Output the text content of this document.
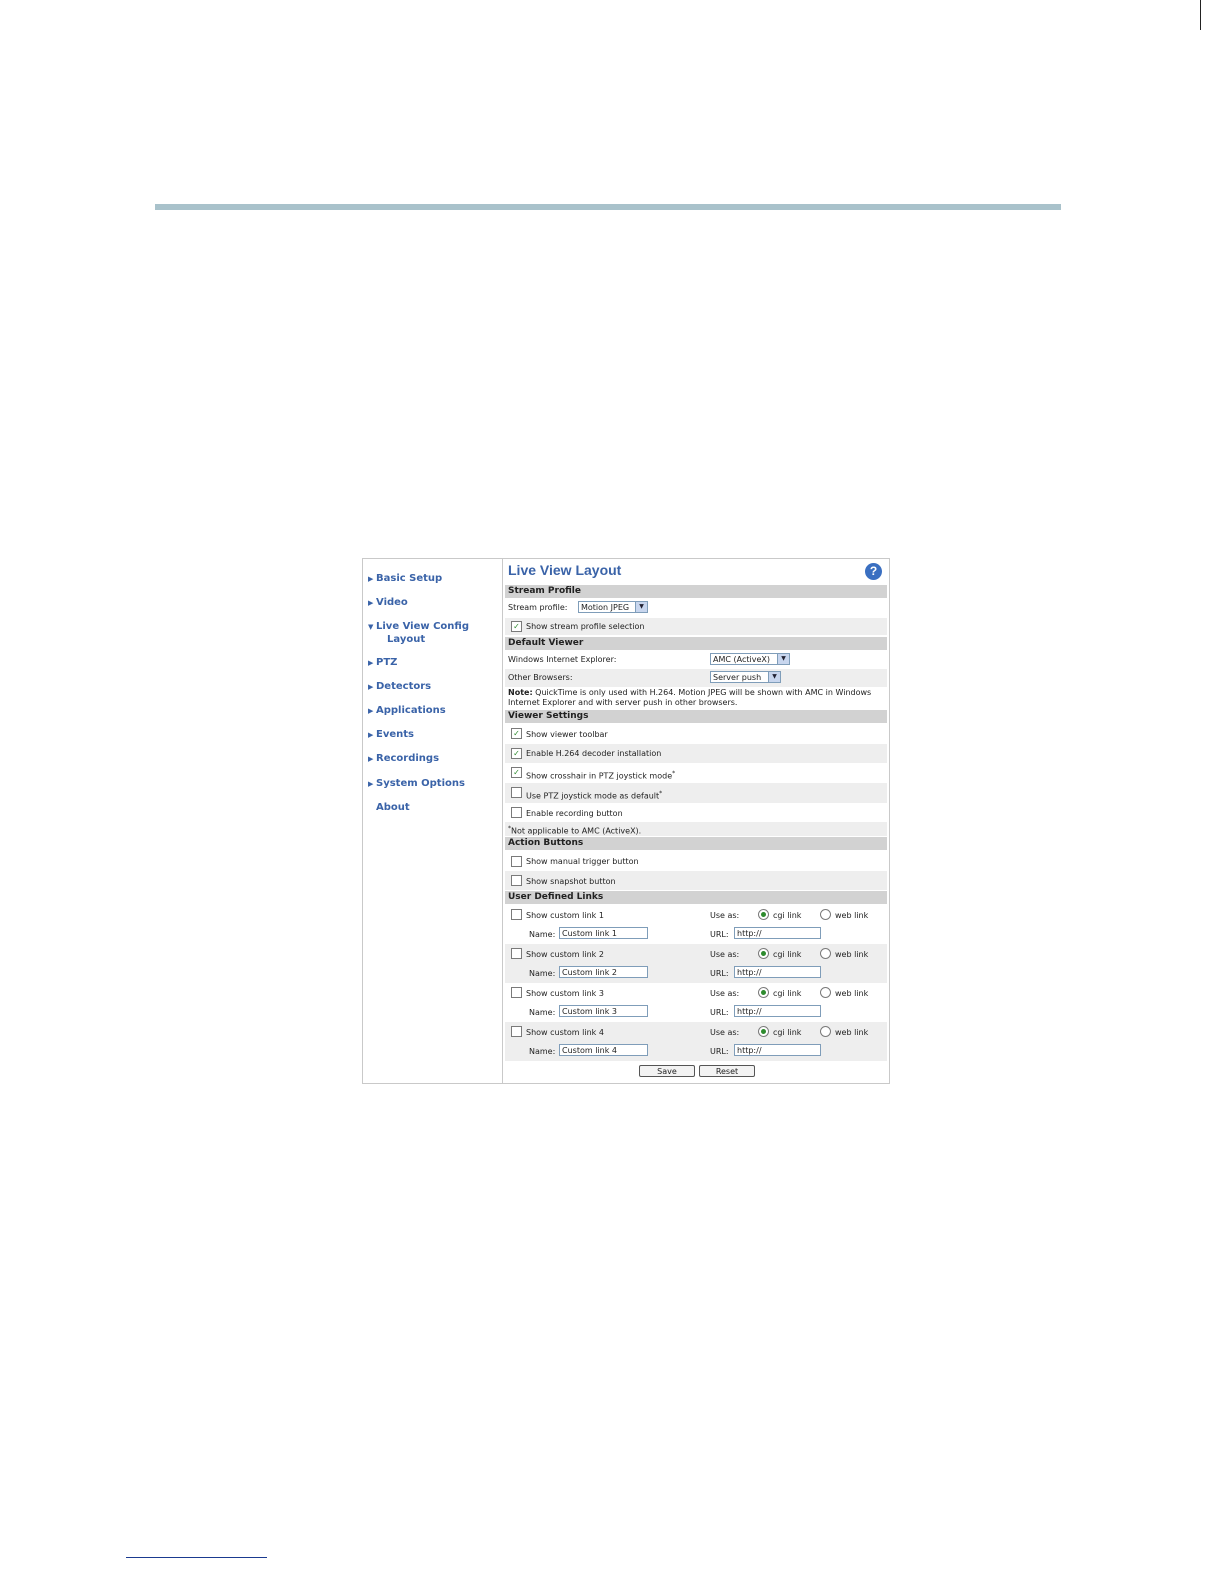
▶ Basic Setup
▶ Video
▼ Live View Config
Layout
▶ PTZ
▶ Detectors
▶ Applications
▶ Events
▶ Recordings
▶ System Options
About
Live View Layout	?
Stream Profile
Stream profile:	Motion JPEG	▼
✓ Show stream profile selection
Default Viewer
Windows Internet Explorer:	AMC (ActiveX)	▼
Other Browsers:	Server push	▼
Note: QuickTime is only used with H.264. Motion JPEG will be shown with AMC in Windows
Internet Explorer and with server push in other browsers.
Viewer Settings
✓ Show viewer toolbar
✓ Enable H.264 decoder installation
✓ Show crosshair in PTZ joystick mode*
Use PTZ joystick mode as default*
Enable recording button
*Not applicable to AMC (ActiveX).
Action Buttons
Show manual trigger button
Show snapshot button
User Defined Links
Show custom link 1	Use as:	cgi link	web link
Name: Custom link 1	URL:	http://
Show custom link 2	Use as:	cgi link	web link
Name: Custom link 2	URL:	http://
Show custom link 3	Use as:	cgi link	web link
Name: Custom link 3	URL:	http://
Show custom link 4	Use as:	cgi link	web link
Name: Custom link 4	URL:	http://
Save	Reset
